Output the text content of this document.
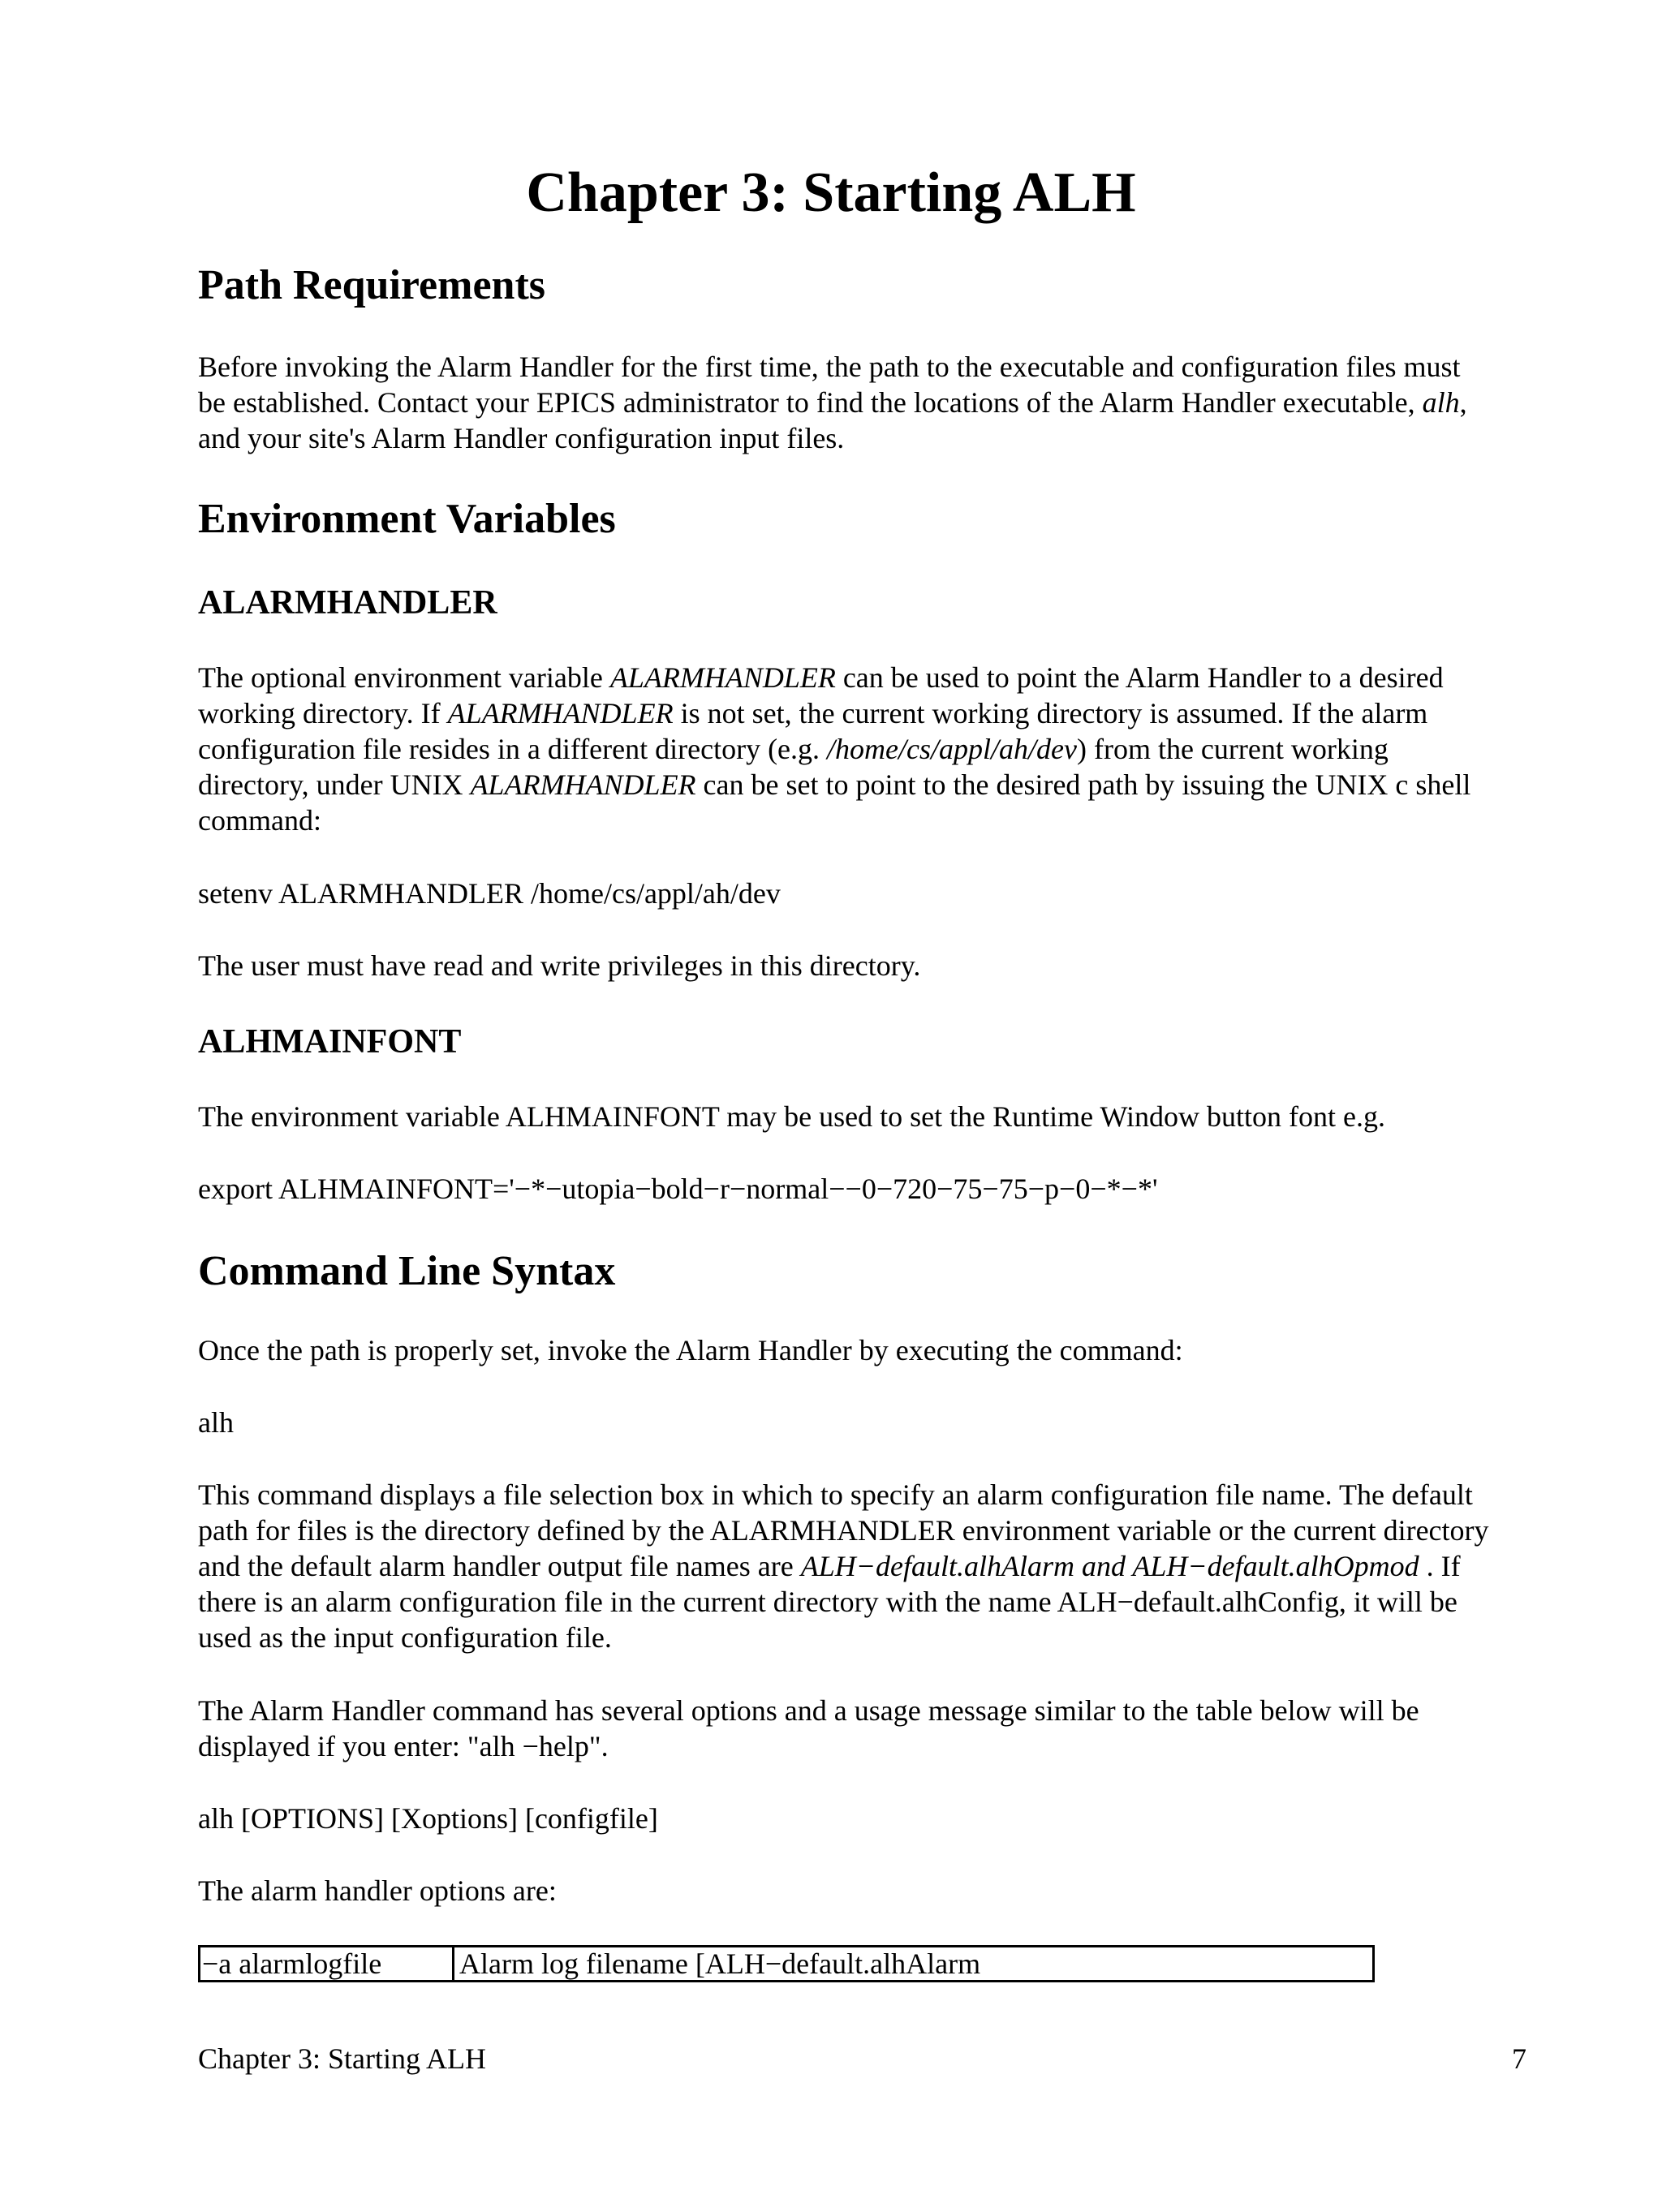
Chapter 3: Starting ALH
Path Requirements
Before invoking the Alarm Handler for the first time, the path to the executable and configuration files must
be established. Contact your EPICS administrator to find the locations of the Alarm Handler executable, alh,
and your site's Alarm Handler configuration input files.
Environment Variables
ALARMHANDLER
The optional environment variable ALARMHANDLER can be used to point the Alarm Handler to a desired
working directory. If ALARMHANDLER is not set, the current working directory is assumed. If the alarm
configuration file resides in a different directory (e.g. /home/cs/appl/ah/dev) from the current working
directory, under UNIX ALARMHANDLER can be set to point to the desired path by issuing the UNIX c shell
command:

setenv ALARMHANDLER /home/cs/appl/ah/dev

The user must have read and write privileges in this directory.

ALHMAINFONT

The environment variable ALHMAINFONT may be used to set the Runtime Window button font e.g.

export ALHMAINFONT='−*−utopia−bold−r−normal−−0−720−75−75−p−0−*−*'

Command Line Syntax

Once the path is properly set, invoke the Alarm Handler by executing the command:

alh

This command displays a file selection box in which to specify an alarm configuration file name. The default
path for files is the directory defined by the ALARMHANDLER environment variable or the current directory
and the default alarm handler output file names are ALH−default.alhAlarm and ALH−default.alhOpmod . If
there is an alarm configuration file in the current directory with the name ALH−default.alhConfig, it will be
used as the input configuration file.
The Alarm Handler command has several options and a usage message similar to the table below will be
displayed if you enter: "alh −help".

alh [OPTIONS] [Xoptions] [configfile]

The alarm handler options are:

−a alarmlogfile	Alarm log filename [ALH−default.alhAlarm

Chapter 3: Starting ALH	7
